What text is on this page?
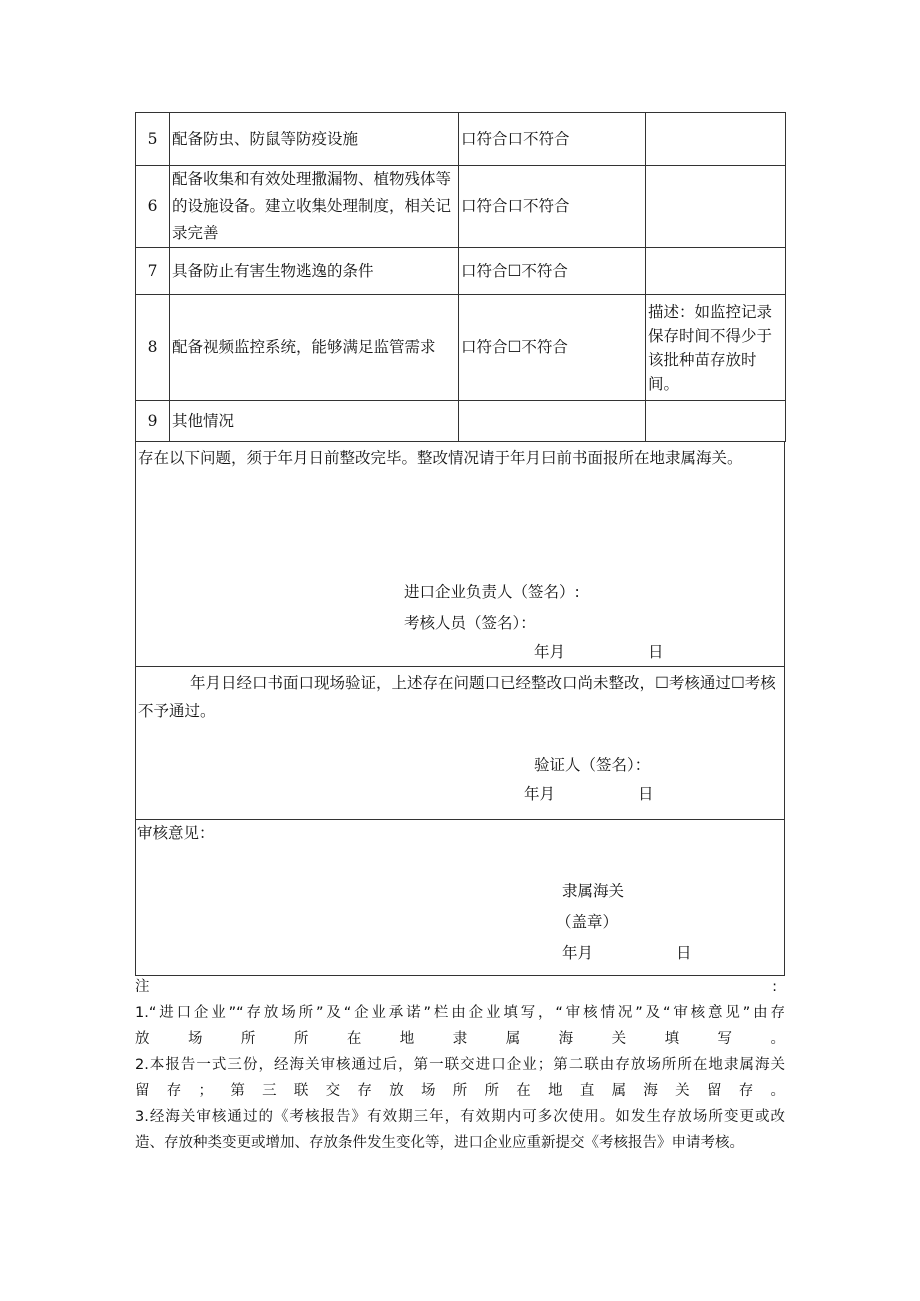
5	配备防虫、防鼠等防疫设施	口符合口不符合	
6	配备收集和有效处理撒漏物、植物残体等的设施设备。建立收集处理制度，相关记录完善	口符合口不符合	
7	具备防止有害生物逃逸的条件	口符合☐不符合	
8	配备视频监控系统，能够满足监管需求	口符合☐不符合	描述：如监控记录保存时间不得少于该批种苗存放时间。
9	其他情况		

存在以下问题，须于年月日前整改完毕。整改情况请于年月曰前书面报所在地隶属海关。

进口企业负责人（签名）:
考核人员（签名）：
年月	日

年月日经口书面口现场验证，上述存在问题口已经整改口尚未整改，☐考核通过☐考核不予通过。

验证人（签名）：
年月	日
审核意见：
隶属海关
（盖章）
年月	日

注	:

1.“进口企业”“存放场所”及“企业承诺”栏由企业填写，“审核情况”及“审核意见”由存

放场所所在地隶属海关填写。

2.本报告一式三份，经海关审核通过后，第一联交进口企业；第二联由存放场所所在地隶属海关

留存；第三联交存放场所所在地直属海关留存。

3.经海关审核通过的《考核报告》有效期三年，有效期内可多次使用。如发生存放场所变更或改

造、存放种类变更或增加、存放条件发生变化等，进口企业应重新提交《考核报告》申请考核。
